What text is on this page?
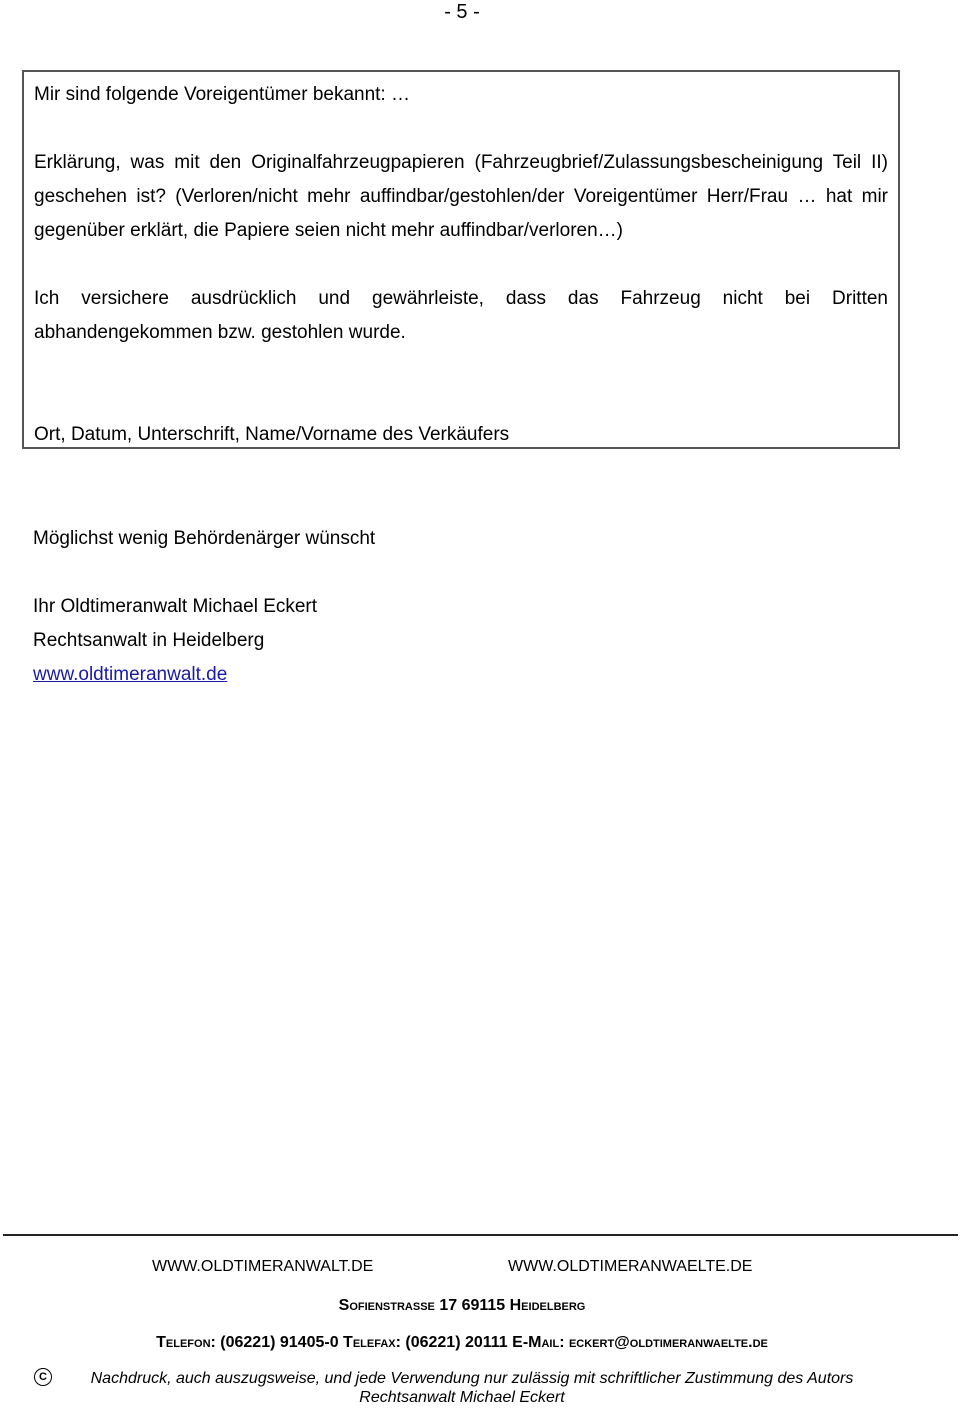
- 5 -

Mir sind folgende Voreigentümer bekannt: …

Erklärung, was mit den Originalfahrzeugpapieren (Fahrzeugbrief/Zulassungsbescheinigung Teil II) geschehen ist? (Verloren/nicht mehr auffindbar/gestohlen/der Voreigentümer Herr/Frau … hat mir gegenüber erklärt, die Papiere seien nicht mehr auffindbar/verloren…)

Ich versichere ausdrücklich und gewährleiste, dass das Fahrzeug nicht bei Dritten abhandengekommen bzw. gestohlen wurde.

Ort, Datum, Unterschrift, Name/Vorname des Verkäufers

Möglichst wenig Behördenärger wünscht

Ihr Oldtimeranwalt Michael Eckert

Rechtsanwalt in Heidelberg

www.oldtimeranwalt.de

WWW.OLDTIMERANWALT.DE	WWW.OLDTIMERANWAELTE.DE
Sofienstrasse 17 69115 Heidelberg
Telefon: (06221) 91405-0 Telefax: (06221) 20111 E-Mail: eckert@oldtimeranwaelte.de
C	Nachdruck, auch auszugsweise, und jede Verwendung nur zulässig mit schriftlicher Zustimmung des Autors
Rechtsanwalt Michael Eckert
